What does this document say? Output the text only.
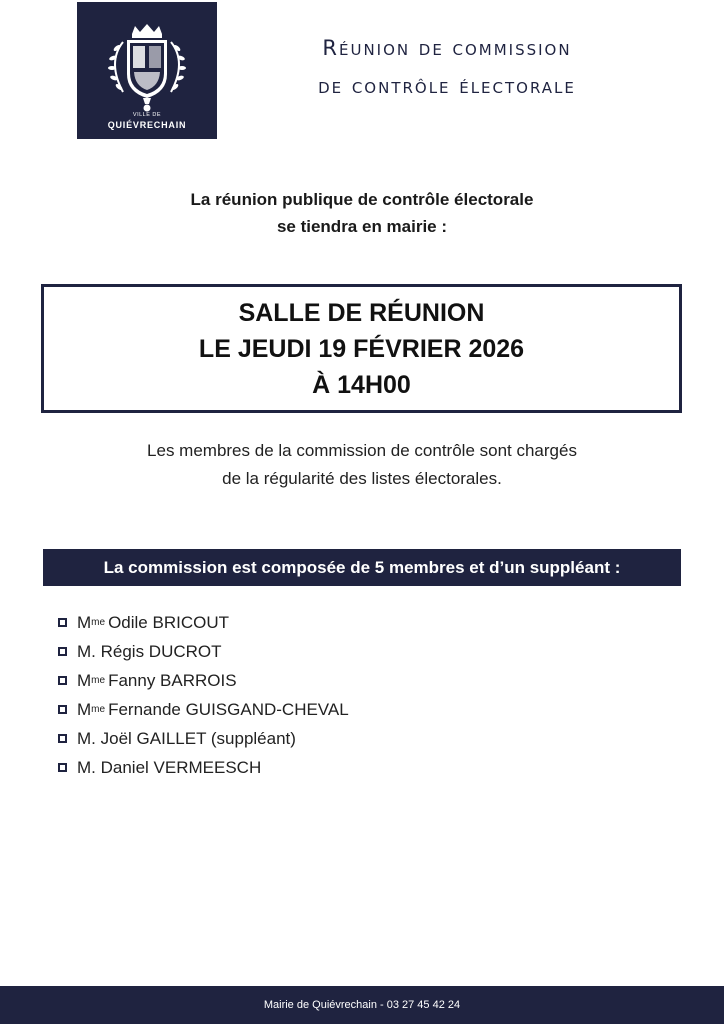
VILLE DE
QUIÉVRECHAIN
Réunion de commission
de contrôle électorale
La réunion publique de contrôle électorale
se tiendra en mairie :
SALLE DE RÉUNION
LE JEUDI 19 FÉVRIER 2026
À 14H00
Les membres de la commission de contrôle sont chargés
de la régularité des listes électorales.
La commission est composée de 5 membres et d’un suppléant :
M me Odile BRICOUT
M.
Régis DUCROT
M me Fanny BARROIS
M me Fernande GUISGAND-CHEVAL
M.
Joël GAILLET (suppléant)
M.
Daniel VERMEESCH
Mairie de Quiévrechain - 03 27 45 42 24
